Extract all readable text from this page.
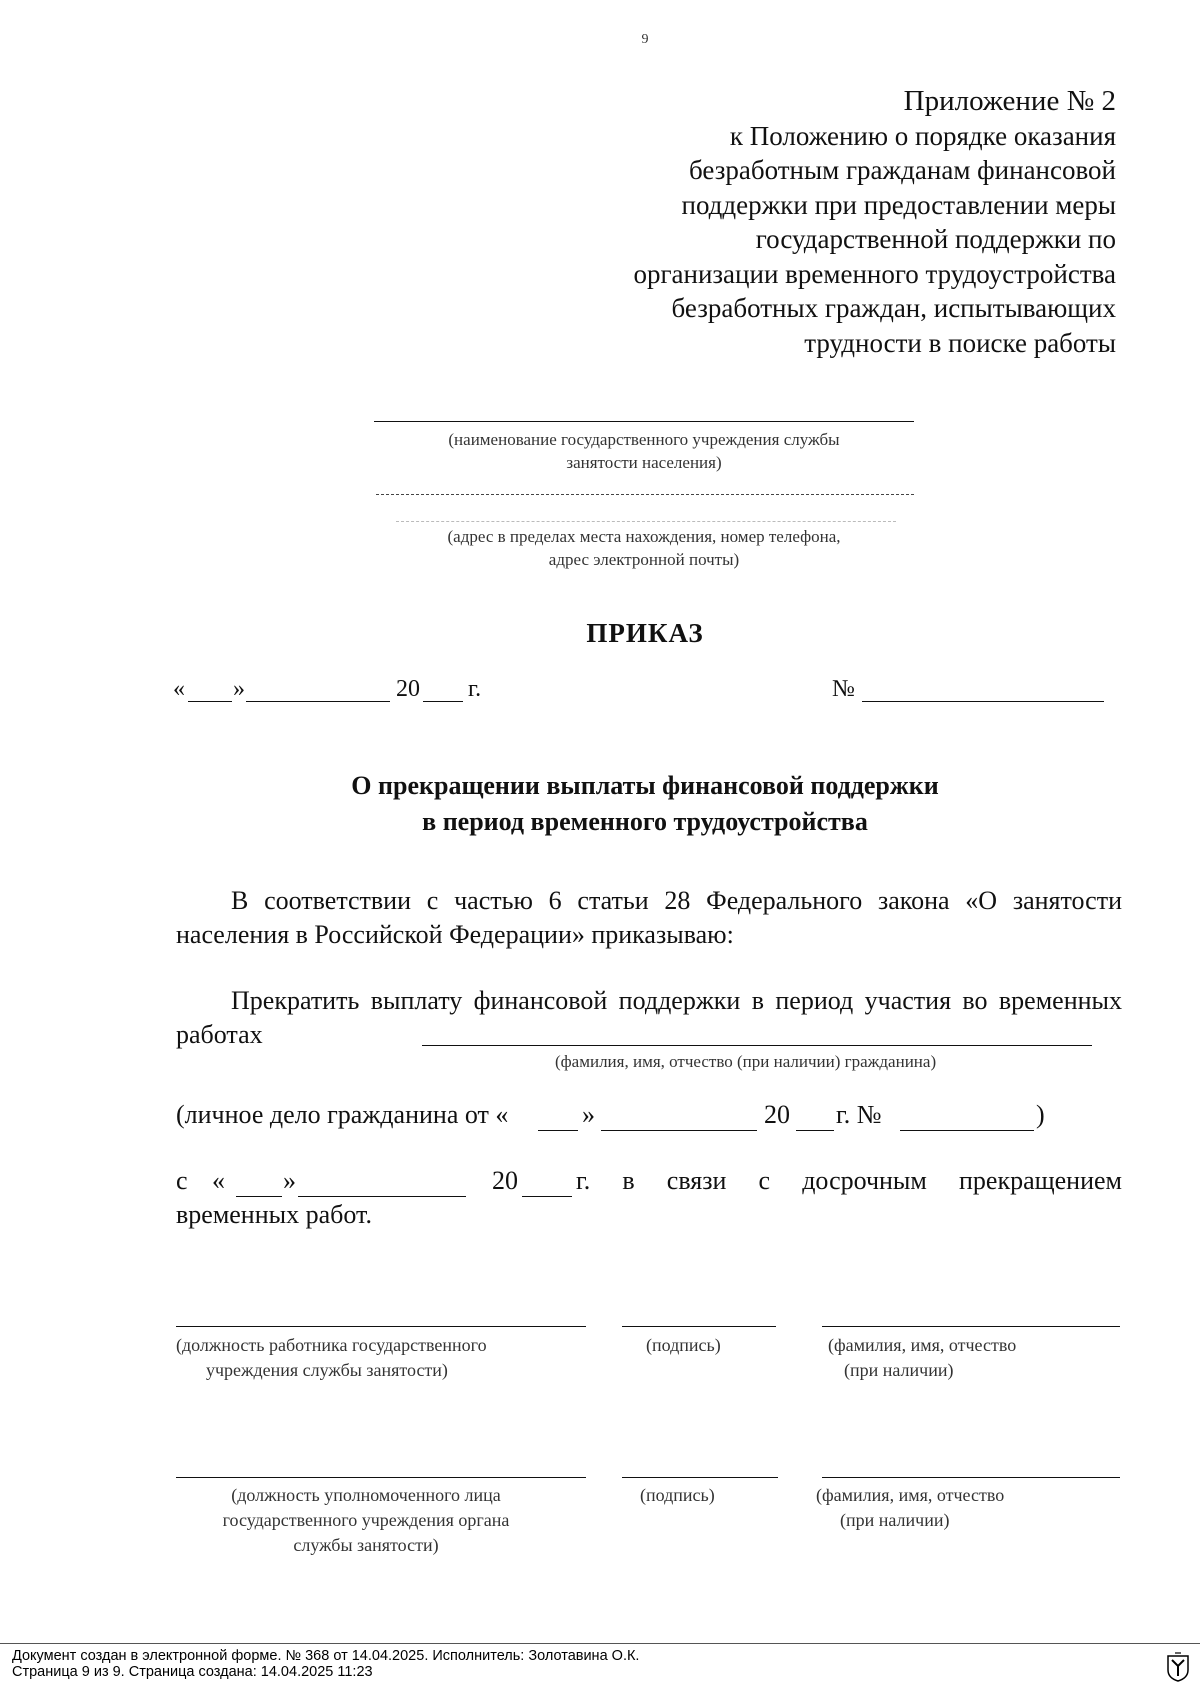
9
Приложение № 2
к Положению о порядке оказания
безработным гражданам финансовой
поддержки при предоставлении меры
государственной поддержки по
организации временного трудоустройства
безработных граждан, испытывающих
трудности в поиске работы
(наименование государственного учреждения службы
занятости населения)
(адрес в пределах места нахождения, номер телефона,
адрес электронной почты)
ПРИКАЗ
« »	20 г.	№
О прекращении выплаты финансовой поддержки
в период временного трудоустройства
В соответствии с частью 6 статьи 28 Федерального закона «О занятости населения в Российской Федерации» приказываю:
Прекратить выплату финансовой поддержки в период участия во временных работах
(фамилия, имя, отчество (при наличии) гражданина)
(личное дело гражданина от «	»	20 г. №	)
с « »	20 г. в связи с досрочным прекращением
временных работ.
(должность работника государственного
учреждения службы занятости)
(подпись)	(фамилия, имя, отчество
(при наличии)
(должность уполномоченного лица
государственного учреждения органа
службы занятости)
(подпись)	(фамилия, имя, отчество
(при наличии)
Документ создан в электронной форме. № 368 от 14.04.2025. Исполнитель: Золотавина О.К.
Страница 9 из 9. Страница создана: 14.04.2025 11:23
